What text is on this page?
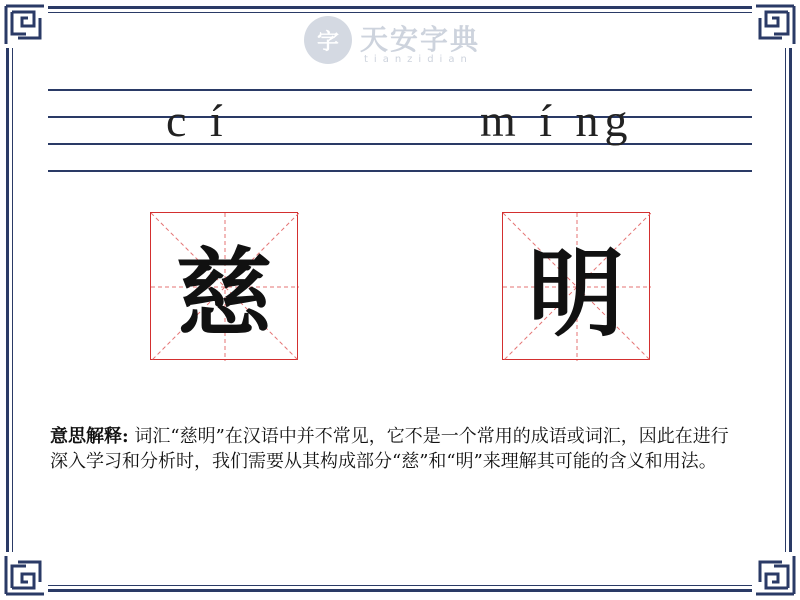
字 天安字典
tianzidian
c í	m í ng
慈	明
意思解释: 词汇“慈明”在汉语中并不常见，它不是一个常用的成语或词汇，因此在进行深入学习和分析时，我们需要从其构成部分“慈”和“明”来理解其可能的含义和用法。
